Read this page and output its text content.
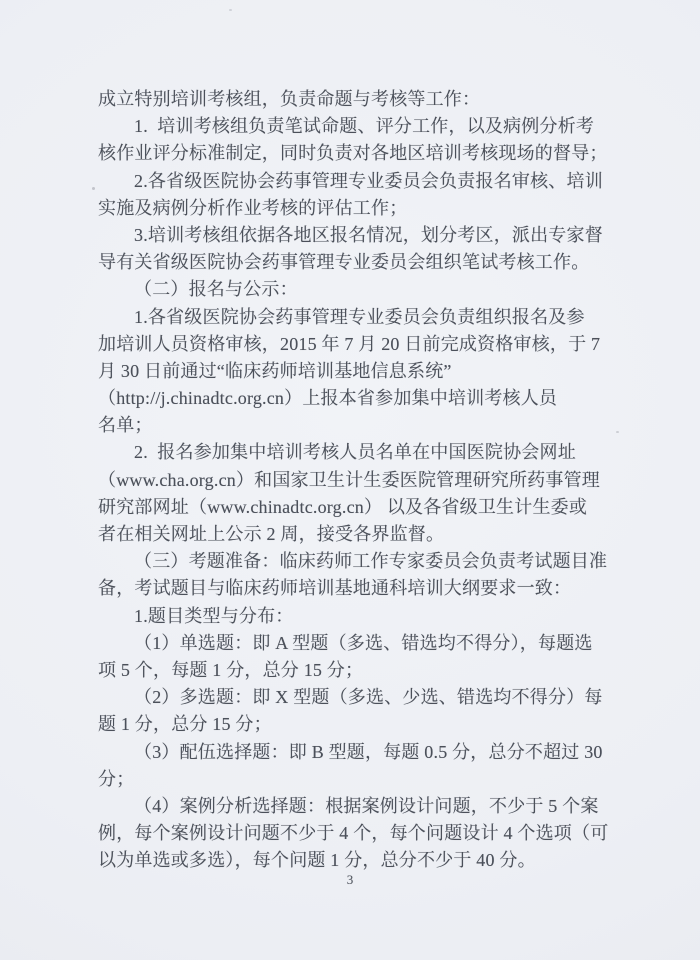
成立特别培训考核组，负责命题与考核等工作：
1.  培训考核组负责笔试命题、评分工作，以及病例分析考
核作业评分标准制定，同时负责对各地区培训考核现场的督导；
2.各省级医院协会药事管理专业委员会负责报名审核、培训
实施及病例分析作业考核的评估工作；
3.培训考核组依据各地区报名情况，划分考区，派出专家督
导有关省级医院协会药事管理专业委员会组织笔试考核工作。
（二）报名与公示：
1.各省级医院协会药事管理专业委员会负责组织报名及参
加培训人员资格审核，2015 年 7 月 20 日前完成资格审核，于 7
月 30 日前通过“临床药师培训基地信息系统”
（http://j.chinadtc.org.cn）上报本省参加集中培训考核人员
名单；
2.  报名参加集中培训考核人员名单在中国医院协会网址
（www.cha.org.cn）和国家卫生计生委医院管理研究所药事管理
研究部网址（www.chinadtc.org.cn） 以及各省级卫生计生委或
者在相关网址上公示 2 周，接受各界监督。
（三）考题准备：临床药师工作专家委员会负责考试题目准
备，考试题目与临床药师培训基地通科培训大纲要求一致：
1.题目类型与分布：
（1）单选题：即 A 型题（多选、错选均不得分），每题选
项 5 个，每题 1 分，总分 15 分；
（2）多选题：即 X 型题（多选、少选、错选均不得分）每
题 1 分，总分 15 分；
（3）配伍选择题：即 B 型题，每题 0.5 分，总分不超过 30
分；
（4）案例分析选择题：根据案例设计问题，不少于 5 个案
例，每个案例设计问题不少于 4 个，每个问题设计 4 个选项（可
以为单选或多选），每个问题 1 分，总分不少于 40 分。
3
